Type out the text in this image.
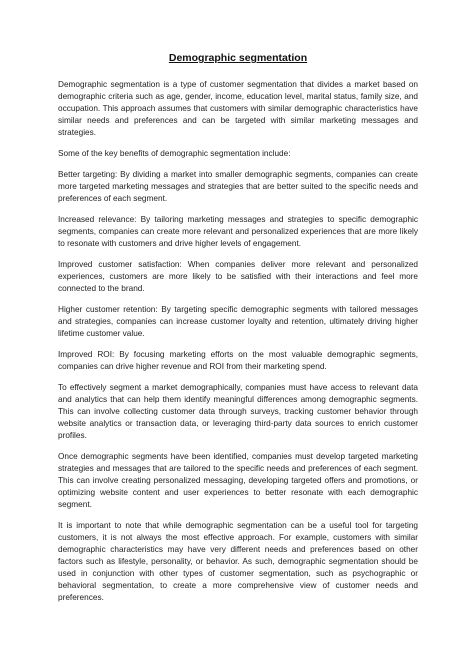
Demographic segmentation

Demographic segmentation is a type of customer segmentation that divides a market based on demographic criteria such as age, gender, income, education level, marital status, family size, and occupation. This approach assumes that customers with similar demographic characteristics have similar needs and preferences and can be targeted with similar marketing messages and strategies.

Some of the key benefits of demographic segmentation include:

Better targeting: By dividing a market into smaller demographic segments, companies can create more targeted marketing messages and strategies that are better suited to the specific needs and preferences of each segment.

Increased relevance: By tailoring marketing messages and strategies to specific demographic segments, companies can create more relevant and personalized experiences that are more likely to resonate with customers and drive higher levels of engagement.

Improved customer satisfaction: When companies deliver more relevant and personalized experiences, customers are more likely to be satisfied with their interactions and feel more connected to the brand.

Higher customer retention: By targeting specific demographic segments with tailored messages and strategies, companies can increase customer loyalty and retention, ultimately driving higher lifetime customer value.

Improved ROI: By focusing marketing efforts on the most valuable demographic segments, companies can drive higher revenue and ROI from their marketing spend.

To effectively segment a market demographically, companies must have access to relevant data and analytics that can help them identify meaningful differences among demographic segments. This can involve collecting customer data through surveys, tracking customer behavior through website analytics or transaction data, or leveraging third-party data sources to enrich customer profiles.

Once demographic segments have been identified, companies must develop targeted marketing strategies and messages that are tailored to the specific needs and preferences of each segment. This can involve creating personalized messaging, developing targeted offers and promotions, or optimizing website content and user experiences to better resonate with each demographic segment.

It is important to note that while demographic segmentation can be a useful tool for targeting customers, it is not always the most effective approach. For example, customers with similar demographic characteristics may have very different needs and preferences based on other factors such as lifestyle, personality, or behavior. As such, demographic segmentation should be used in conjunction with other types of customer segmentation, such as psychographic or behavioral segmentation, to create a more comprehensive view of customer needs and preferences.
